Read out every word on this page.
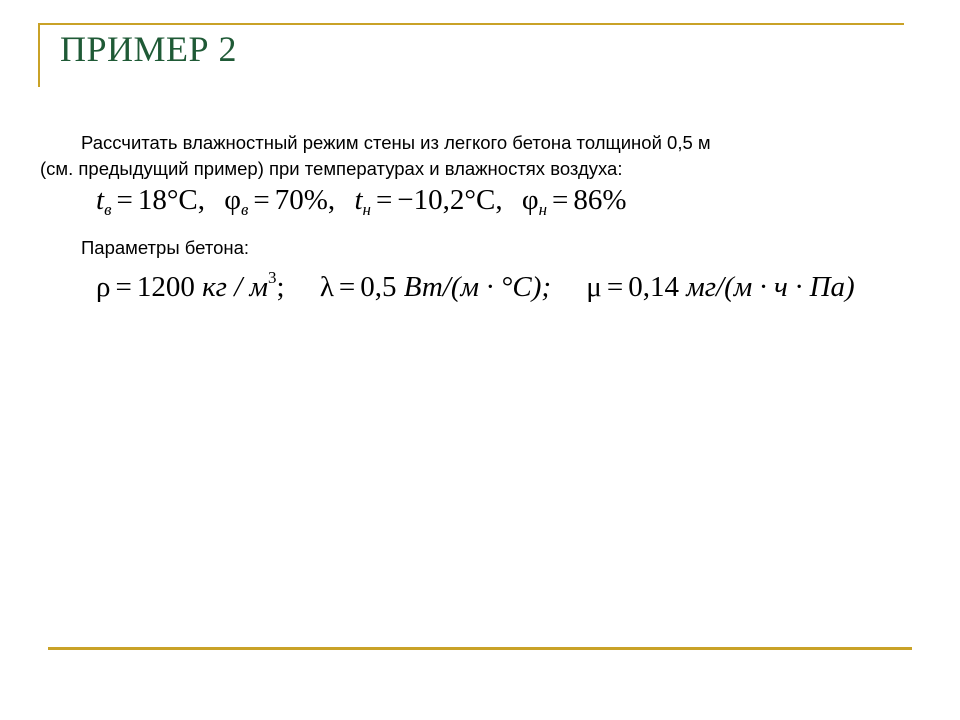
ПРИМЕР 2
Рассчитать влажностный режим стены из легкого бетона толщиной 0,5 м
(см. предыдущий пример) при температурах и влажностях воздуха:
$t_в = 18^\circ C$, $\varphi_в = 70\%$, $t_н = -10,2^\circ C$, $\varphi_н = 86\%$
Параметры бетона:
ρ = 1200 кг / $м^3$; λ = 0,5 Вт/(м · °C); μ = 0,14 мг/(м · ч · Па)
